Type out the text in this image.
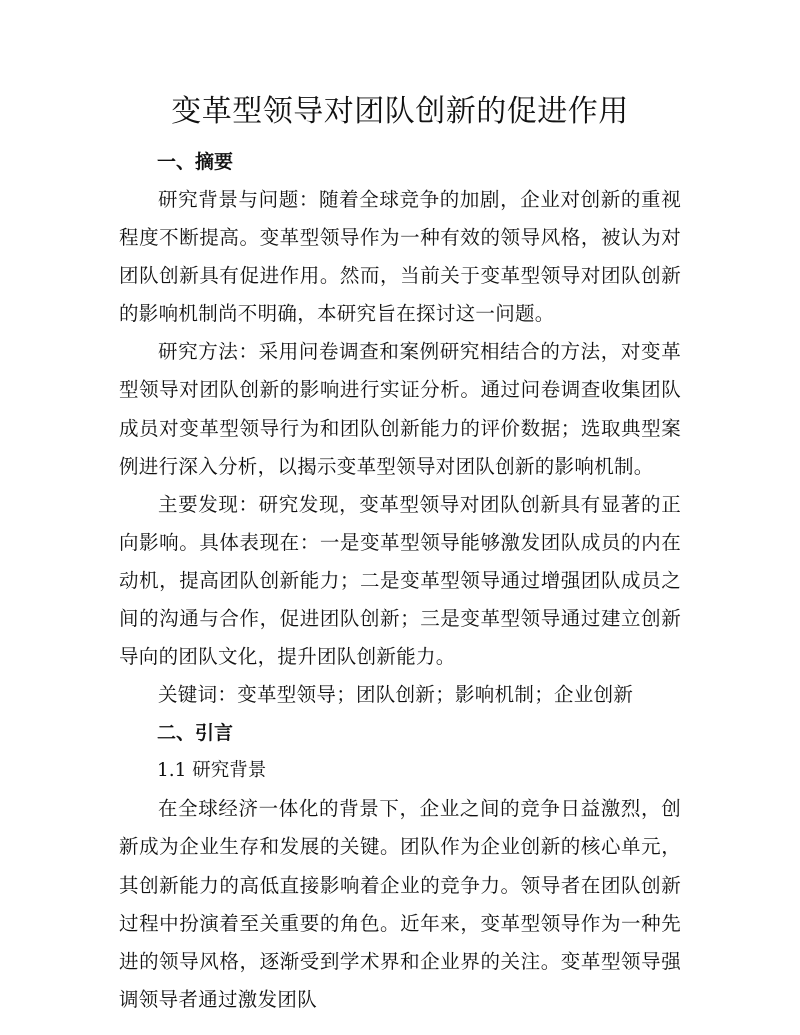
变革型领导对团队创新的促进作用
一、摘要

研究背景与问题：随着全球竞争的加剧，企业对创新的重视程度不断提高。变革型领导作为一种有效的领导风格，被认为对团队创新具有促进作用。然而，当前关于变革型领导对团队创新的影响机制尚不明确，本研究旨在探讨这一问题。

研究方法：采用问卷调查和案例研究相结合的方法，对变革型领导对团队创新的影响进行实证分析。通过问卷调查收集团队成员对变革型领导行为和团队创新能力的评价数据；选取典型案例进行深入分析，以揭示变革型领导对团队创新的影响机制。

主要发现：研究发现，变革型领导对团队创新具有显著的正向影响。具体表现在：一是变革型领导能够激发团队成员的内在动机，提高团队创新能力；二是变革型领导通过增强团队成员之间的沟通与合作，促进团队创新；三是变革型领导通过建立创新导向的团队文化，提升团队创新能力。

关键词：变革型领导；团队创新；影响机制；企业创新

二、引言

1.1 研究背景

在全球经济一体化的背景下，企业之间的竞争日益激烈，创新成为企业生存和发展的关键。团队作为企业创新的核心单元，其创新能力的高低直接影响着企业的竞争力。领导者在团队创新过程中扮演着至关重要的角色。近年来，变革型领导作为一种先进的领导风格，逐渐受到学术界和企业界的关注。变革型领导强调领导者通过激发团队
